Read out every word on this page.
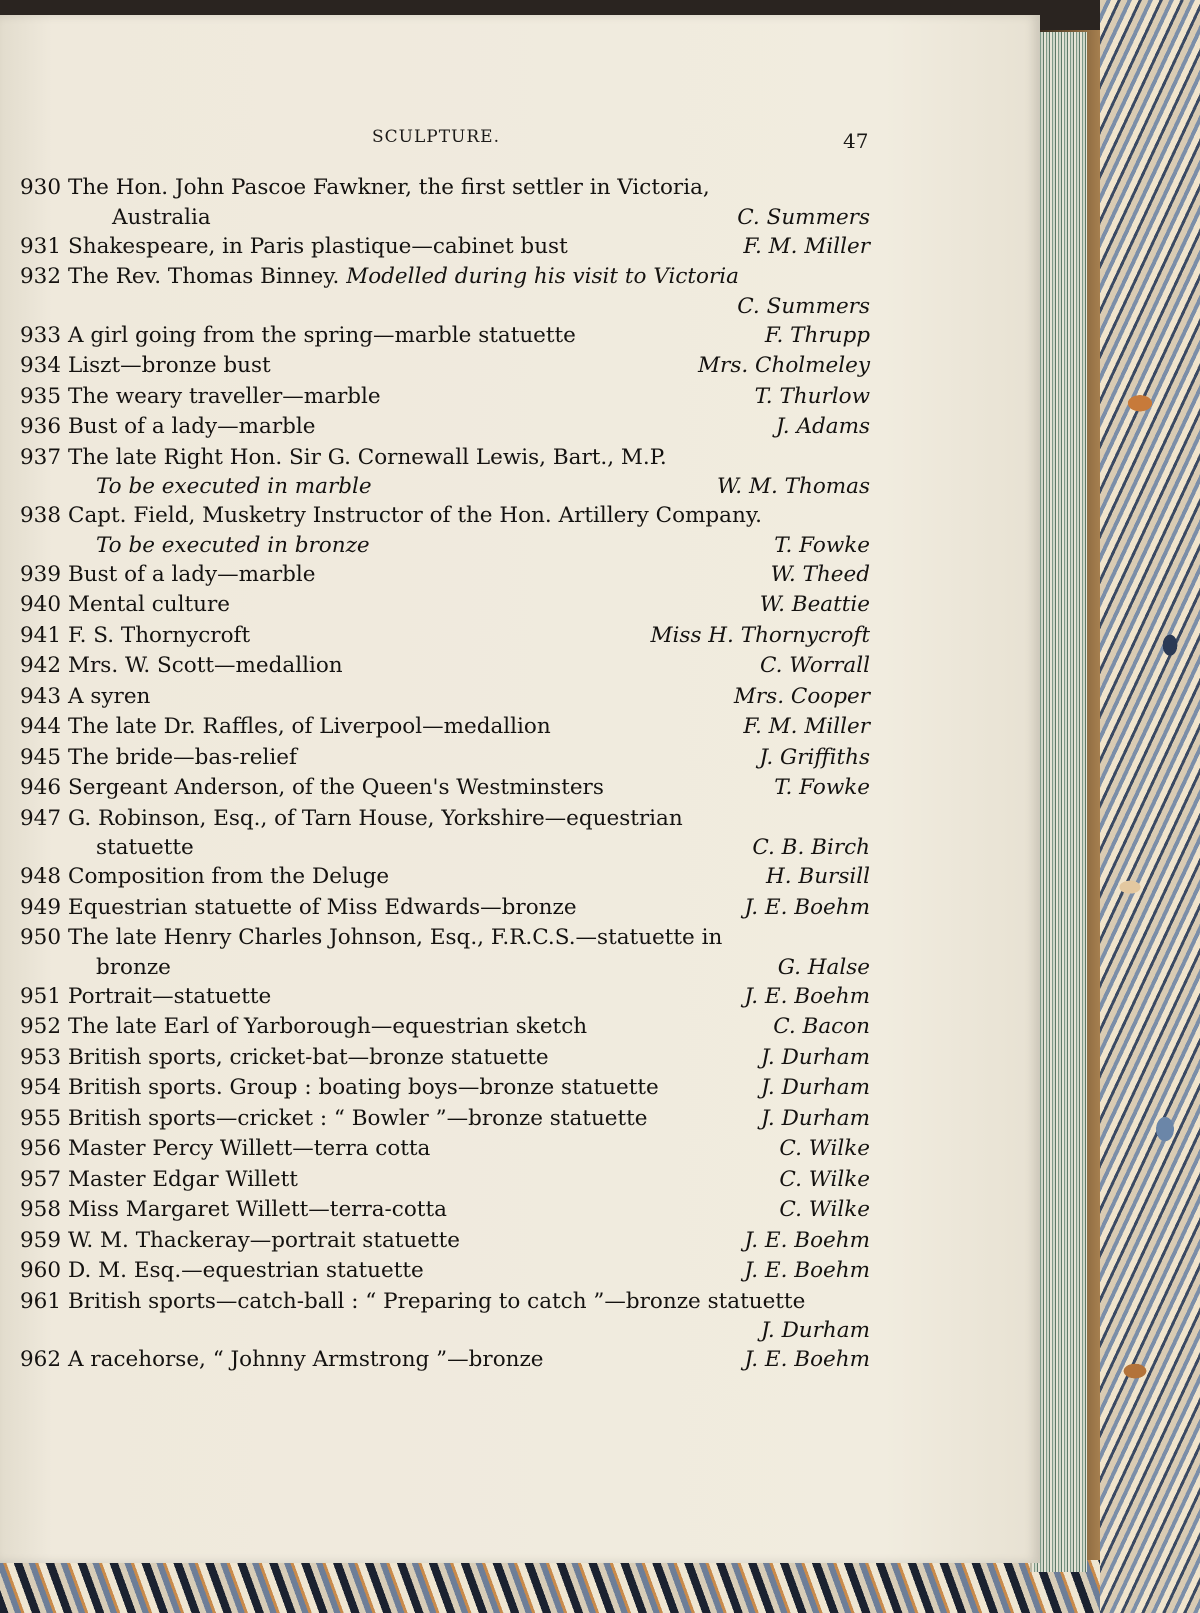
SCULPTURE.	47
930 The Hon. John Pascoe Fawkner, the first settler in Victoria,
Australia	C. Summers
931 Shakespeare, in Paris plastique—cabinet bust	F. M. Miller
932 The Rev. Thomas Binney. Modelled during his visit to Victoria
C. Summers
933 A girl going from the spring—marble statuette	F. Thrupp
934 Liszt—bronze bust	Mrs. Cholmeley
935 The weary traveller—marble	T. Thurlow
936 Bust of a lady—marble	J. Adams
937 The late Right Hon. Sir G. Cornewall Lewis, Bart., M.P.
To be executed in marble	W. M. Thomas
938 Capt. Field, Musketry Instructor of the Hon. Artillery Company.
To be executed in bronze	T. Fowke
939 Bust of a lady—marble	W. Theed
940 Mental culture	W. Beattie
941 F. S. Thornycroft	Miss H. Thornycroft
942 Mrs. W. Scott—medallion	C. Worrall
943 A syren	Mrs. Cooper
944 The late Dr. Raffles, of Liverpool—medallion	F. M. Miller
945 The bride—bas-relief	J. Griffiths
946 Sergeant Anderson, of the Queen's Westminsters	T. Fowke
947 G. Robinson, Esq., of Tarn House, Yorkshire—equestrian
statuette	C. B. Birch
948 Composition from the Deluge	H. Bursill
949 Equestrian statuette of Miss Edwards—bronze	J. E. Boehm
950 The late Henry Charles Johnson, Esq., F.R.C.S.—statuette in
bronze	G. Halse
951 Portrait—statuette	J. E. Boehm
952 The late Earl of Yarborough—equestrian sketch	C. Bacon
953 British sports, cricket-bat—bronze statuette	J. Durham
954 British sports. Group : boating boys—bronze statuette	J. Durham
955 British sports—cricket : “ Bowler ”—bronze statuette	J. Durham
956 Master Percy Willett—terra cotta	C. Wilke
957 Master Edgar Willett	C. Wilke
958 Miss Margaret Willett—terra-cotta	C. Wilke
959 W. M. Thackeray—portrait statuette	J. E. Boehm
960 D. M. Esq.—equestrian statuette	J. E. Boehm
961 British sports—catch-ball : “ Preparing to catch ”—bronze statuette
J. Durham
962 A racehorse, “ Johnny Armstrong ”—bronze	J. E. Boehm
